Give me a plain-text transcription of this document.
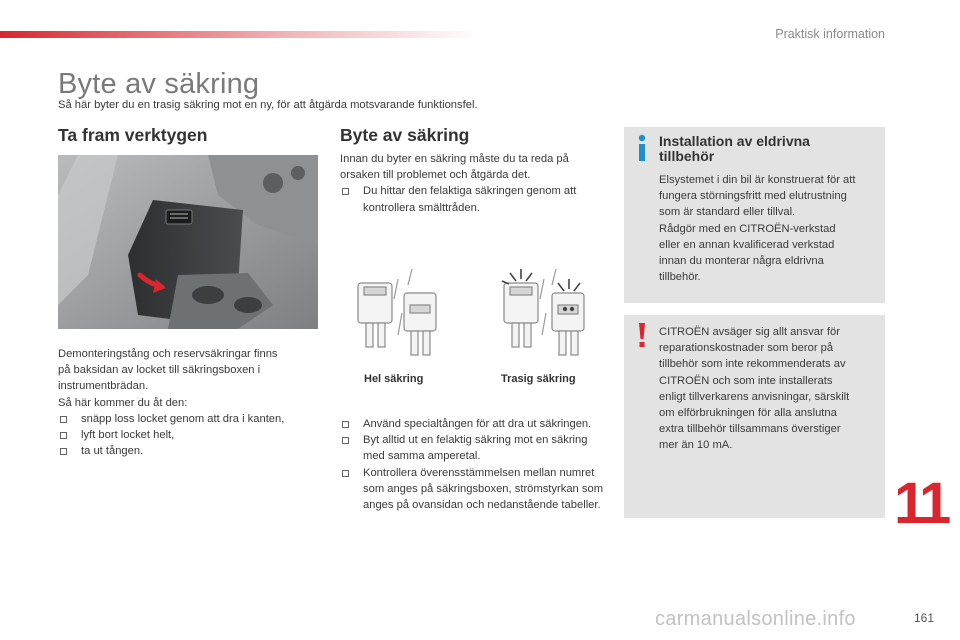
Praktisk information
Byte av säkring
Så här byter du en trasig säkring mot en ny, för att åtgärda motsvarande funktionsfel.
Ta fram verktygen

Demonteringstång och reservsäkringar finns

på baksidan av locket till säkringsboxen i

instrumentbrädan.

Så här kommer du åt den:

snäpp loss locket genom att dra i kanten,
lyft bort locket helt,
ta ut tången.
Byte av säkring

Innan du byter en säkring måste du ta reda på

orsaken till problemet och åtgärda det.

Du hittar den felaktiga säkringen genom att kontrollera smälttråden.
Hel säkring	Trasig säkring
Använd specialtången för att dra ut säkringen.
Byt alltid ut en felaktig säkring mot en säkring med samma amperetal.
Kontrollera överensstämmelsen mellan numret som anges på säkringsboxen, strömstyrkan som anges på ovansidan och nedanstående tabeller.
Installation av eldrivna tillbehör
Elsystemet i din bil är konstruerat för att
fungera störningsfritt med elutrustning
som är standard eller tillval.
Rådgör med en CITROËN-verkstad
eller en annan kvalificerad verkstad
innan du monterar några eldrivna
tillbehör.
CITROËN avsäger sig allt ansvar för
reparationskostnader som beror på
tillbehör som inte rekommenderats av
CITROËN och som inte installerats
enligt tillverkarens anvisningar, särskilt
om elförbrukningen för alla anslutna
extra tillbehör tillsammans överstiger
mer än 10 mA.
11
161
carmanualsonline.info
